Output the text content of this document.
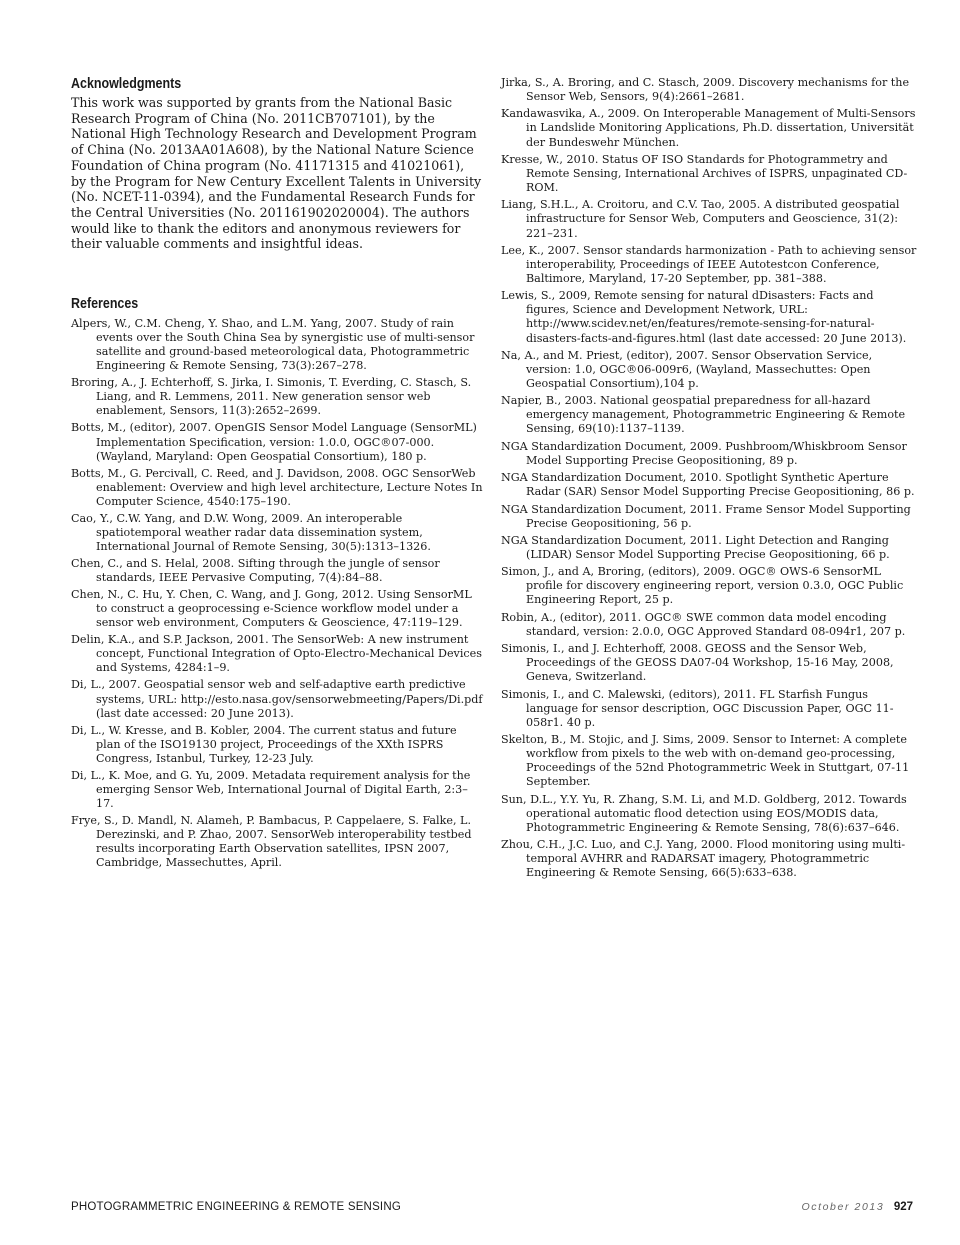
Acknowledgments

This work was supported by grants from the National Basic Research Program of China (No. 2011CB707101), by the National High Technology Research and Development Program of China (No. 2013AA01A608), by the National Nature Science Foundation of China program (No. 41171315 and 41021061), by the Program for New Century Excellent Talents in University (No. NCET-11-0394), and the Fundamental Research Funds for the Central Universities (No. 201161902020004). The authors would like to thank the editors and anonymous reviewers for their valuable comments and insightful ideas.

References
Alpers, W., C.M. Cheng, Y. Shao, and L.M. Yang, 2007. Study of rain events over the South China Sea by synergistic use of multi-sensor satellite and ground-based meteorological data, Photogrammetric Engineering & Remote Sensing, 73(3):267–278.
Broring, A., J. Echterhoff, S. Jirka, I. Simonis, T. Everding, C. Stasch, S. Liang, and R. Lemmens, 2011. New generation sensor web enablement, Sensors, 11(3):2652–2699.
Botts, M., (editor), 2007. OpenGIS Sensor Model Language (SensorML) Implementation Specification, version: 1.0.0, OGC®07-000. (Wayland, Maryland: Open Geospatial Consortium), 180 p.
Botts, M., G. Percivall, C. Reed, and J. Davidson, 2008. OGC SensorWeb enablement: Overview and high level architecture, Lecture Notes In Computer Science, 4540:175–190.
Cao, Y., C.W. Yang, and D.W. Wong, 2009. An interoperable spatiotemporal weather radar data dissemination system, International Journal of Remote Sensing, 30(5):1313–1326.
Chen, C., and S. Helal, 2008. Sifting through the jungle of sensor standards, IEEE Pervasive Computing, 7(4):84–88.
Chen, N., C. Hu, Y. Chen, C. Wang, and J. Gong, 2012. Using SensorML to construct a geoprocessing e-Science workflow model under a sensor web environment, Computers & Geoscience, 47:119–129.
Delin, K.A., and S.P. Jackson, 2001. The SensorWeb: A new instrument concept, Functional Integration of Opto-Electro-Mechanical Devices and Systems, 4284:1–9.
Di, L., 2007. Geospatial sensor web and self-adaptive earth predictive systems, URL: http://esto.nasa.gov/sensorwebmeeting/Papers/Di.pdf (last date accessed: 20 June 2013).
Di, L., W. Kresse, and B. Kobler, 2004. The current status and future plan of the ISO19130 project, Proceedings of the XXth ISPRS Congress, Istanbul, Turkey, 12-23 July.
Di, L., K. Moe, and G. Yu, 2009. Metadata requirement analysis for the emerging Sensor Web, International Journal of Digital Earth, 2:3–17.
Frye, S., D. Mandl, N. Alameh, P. Bambacus, P. Cappelaere, S. Falke, L. Derezinski, and P. Zhao, 2007. SensorWeb interoperability testbed results incorporating Earth Observation satellites, IPSN 2007, Cambridge, Massechuttes, April.
Jirka, S., A. Broring, and C. Stasch, 2009. Discovery mechanisms for the Sensor Web, Sensors, 9(4):2661–2681.
Kandawasvika, A., 2009. On Interoperable Management of Multi-Sensors in Landslide Monitoring Applications, Ph.D. dissertation, Universität der Bundeswehr München.
Kresse, W., 2010. Status OF ISO Standards for Photogrammetry and Remote Sensing, International Archives of ISPRS, unpaginated CD-ROM.
Liang, S.H.L., A. Croitoru, and C.V. Tao, 2005. A distributed geospatial infrastructure for Sensor Web, Computers and Geoscience, 31(2): 221–231.
Lee, K., 2007. Sensor standards harmonization - Path to achieving sensor interoperability, Proceedings of IEEE Autotestcon Conference, Baltimore, Maryland, 17-20 September, pp. 381–388.
Lewis, S., 2009, Remote sensing for natural dDisasters: Facts and figures, Science and Development Network, URL: http://www.scidev.net/en/features/remote-sensing-for-natural-disasters-facts-and-figures.html (last date accessed: 20 June 2013).
Na, A., and M. Priest, (editor), 2007. Sensor Observation Service, version: 1.0, OGC®06-009r6, (Wayland, Massechuttes: Open Geospatial Consortium),104 p.
Napier, B., 2003. National geospatial preparedness for all-hazard emergency management, Photogrammetric Engineering & Remote Sensing, 69(10):1137–1139.
NGA Standardization Document, 2009. Pushbroom/Whiskbroom Sensor Model Supporting Precise Geopositioning, 89 p.
NGA Standardization Document, 2010. Spotlight Synthetic Aperture Radar (SAR) Sensor Model Supporting Precise Geopositioning, 86 p.
NGA Standardization Document, 2011. Frame Sensor Model Supporting Precise Geopositioning, 56 p.
NGA Standardization Document, 2011. Light Detection and Ranging (LIDAR) Sensor Model Supporting Precise Geopositioning, 66 p.
Simon, J., and A, Broring, (editors), 2009. OGC® OWS-6 SensorML profile for discovery engineering report, version 0.3.0, OGC Public Engineering Report, 25 p.
Robin, A., (editor), 2011. OGC® SWE common data model encoding standard, version: 2.0.0, OGC Approved Standard 08-094r1, 207 p.
Simonis, I., and J. Echterhoff, 2008. GEOSS and the Sensor Web, Proceedings of the GEOSS DA07-04 Workshop, 15-16 May, 2008, Geneva, Switzerland.
Simonis, I., and C. Malewski, (editors), 2011. FL Starfish Fungus language for sensor description, OGC Discussion Paper, OGC 11-058r1. 40 p.
Skelton, B., M. Stojic, and J. Sims, 2009. Sensor to Internet: A complete workflow from pixels to the web with on-demand geo-processing, Proceedings of the 52nd Photogrammetric Week in Stuttgart, 07-11 September.
Sun, D.L., Y.Y. Yu, R. Zhang, S.M. Li, and M.D. Goldberg, 2012. Towards operational automatic flood detection using EOS/MODIS data, Photogrammetric Engineering & Remote Sensing, 78(6):637–646.
Zhou, C.H., J.C. Luo, and C.J. Yang, 2000. Flood monitoring using multi-temporal AVHRR and RADARSAT imagery, Photogrammetric Engineering & Remote Sensing, 66(5):633–638.
PHOTOGRAMMETRIC ENGINEERING & REMOTE SENSING	October 2013 927
